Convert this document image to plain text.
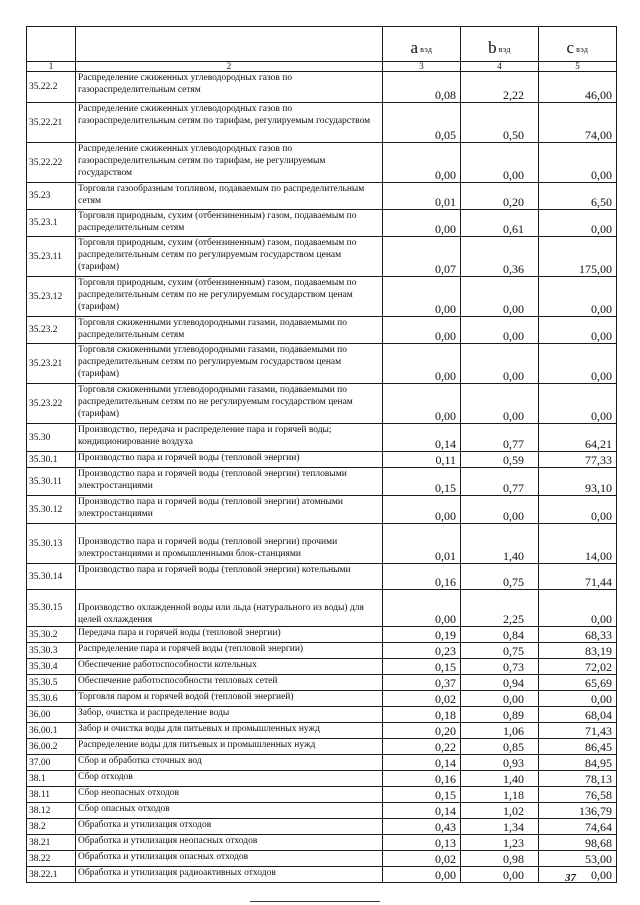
		a $_{вэд}$	b $_{вэд}$	c $_{вэд}$
1	2	3	4	5
35.22.2	Распределение сжиженных углеводородных газов по газораспределительным сетям	0,08	2,22	46,00
35.22.21	Распределение сжиженных углеводородных газов по газораспределительным сетям по тарифам, регулируемым государством	0,05	0,50	74,00
35.22.22	Распределение сжиженных углеводородных газов по газораспределительным сетям по тарифам, не регулируемым государством	0,00	0,00	0,00
35.23	Торговля газообразным топливом, подаваемым по распределительным сетям	0,01	0,20	6,50
35.23.1	Торговля природным, сухим (отбензиненным) газом, подаваемым по распределительным сетям	0,00	0,61	0,00
35.23.11	Торговля природным, сухим (отбензиненным) газом, подаваемым по распределительным сетям по регулируемым государством ценам (тарифам)	0,07	0,36	175,00
35.23.12	Торговля природным, сухим (отбензиненным) газом, подаваемым по распределительным сетям по не регулируемым государством ценам (тарифам)	0,00	0,00	0,00
35.23.2	Торговля сжиженными углеводородными газами, подаваемыми по распределительным сетям	0,00	0,00	0,00
35.23.21	Торговля сжиженными углеводородными газами, подаваемыми по распределительным сетям по регулируемым государством ценам (тарифам)	0,00	0,00	0,00
35.23.22	Торговля сжиженными углеводородными газами, подаваемыми по распределительным сетям по не регулируемым государством ценам (тарифам)	0,00	0,00	0,00
35.30	Производство, передача и распределение пара и горячей воды; кондиционирование воздуха	0,14	0,77	64,21
35.30.1	Производство пара и горячей воды (тепловой энергии)	0,11	0,59	77,33
35.30.11	Производство пара и горячей воды (тепловой энергии) тепловыми электростанциями	0,15	0,77	93,10
35.30.12	Производство пара и горячей воды (тепловой энергии) атомными электростанциями	0,00	0,00	0,00
35.30.13	Производство пара и горячей воды (тепловой энергии) прочими электростанциями и промышленными блок-станциями	0,01	1,40	14,00
35.30.14	Производство пара и горячей воды (тепловой энергии) котельными	0,16	0,75	71,44
35.30.15	Производство охлажденной воды или льда (натурального из воды) для целей охлаждения	0,00	2,25	0,00
35.30.2	Передача пара и горячей воды (тепловой энергии)	0,19	0,84	68,33
35.30.3	Распределение пара и горячей воды (тепловой энергии)	0,23	0,75	83,19
35.30.4	Обеспечение работоспособности котельных	0,15	0,73	72,02
35.30.5	Обеспечение работоспособности тепловых сетей	0,37	0,94	65,69
35.30.6	Торговля паром и горячей водой (тепловой энергией)	0,02	0,00	0,00
36.00	Забор, очистка и распределение воды	0,18	0,89	68,04
36.00.1	Забор и очистка воды для питьевых и промышленных нужд	0,20	1,06	71,43
36.00.2	Распределение воды для питьевых и промышленных нужд	0,22	0,85	86,45
37.00	Сбор и обработка сточных вод	0,14	0,93	84,95
38.1	Сбор отходов	0,16	1,40	78,13
38.11	Сбор неопасных отходов	0,15	1,18	76,58
38.12	Сбор опасных отходов	0,14	1,02	136,79
38.2	Обработка и утилизация отходов	0,43	1,34	74,64
38.21	Обработка и утилизация неопасных отходов	0,13	1,23	98,68
38.22	Обработка и утилизация опасных отходов	0,02	0,98	53,00
38.22.1	Обработка и утилизация радиоактивных отходов	0,00	0,00	0,00
37
